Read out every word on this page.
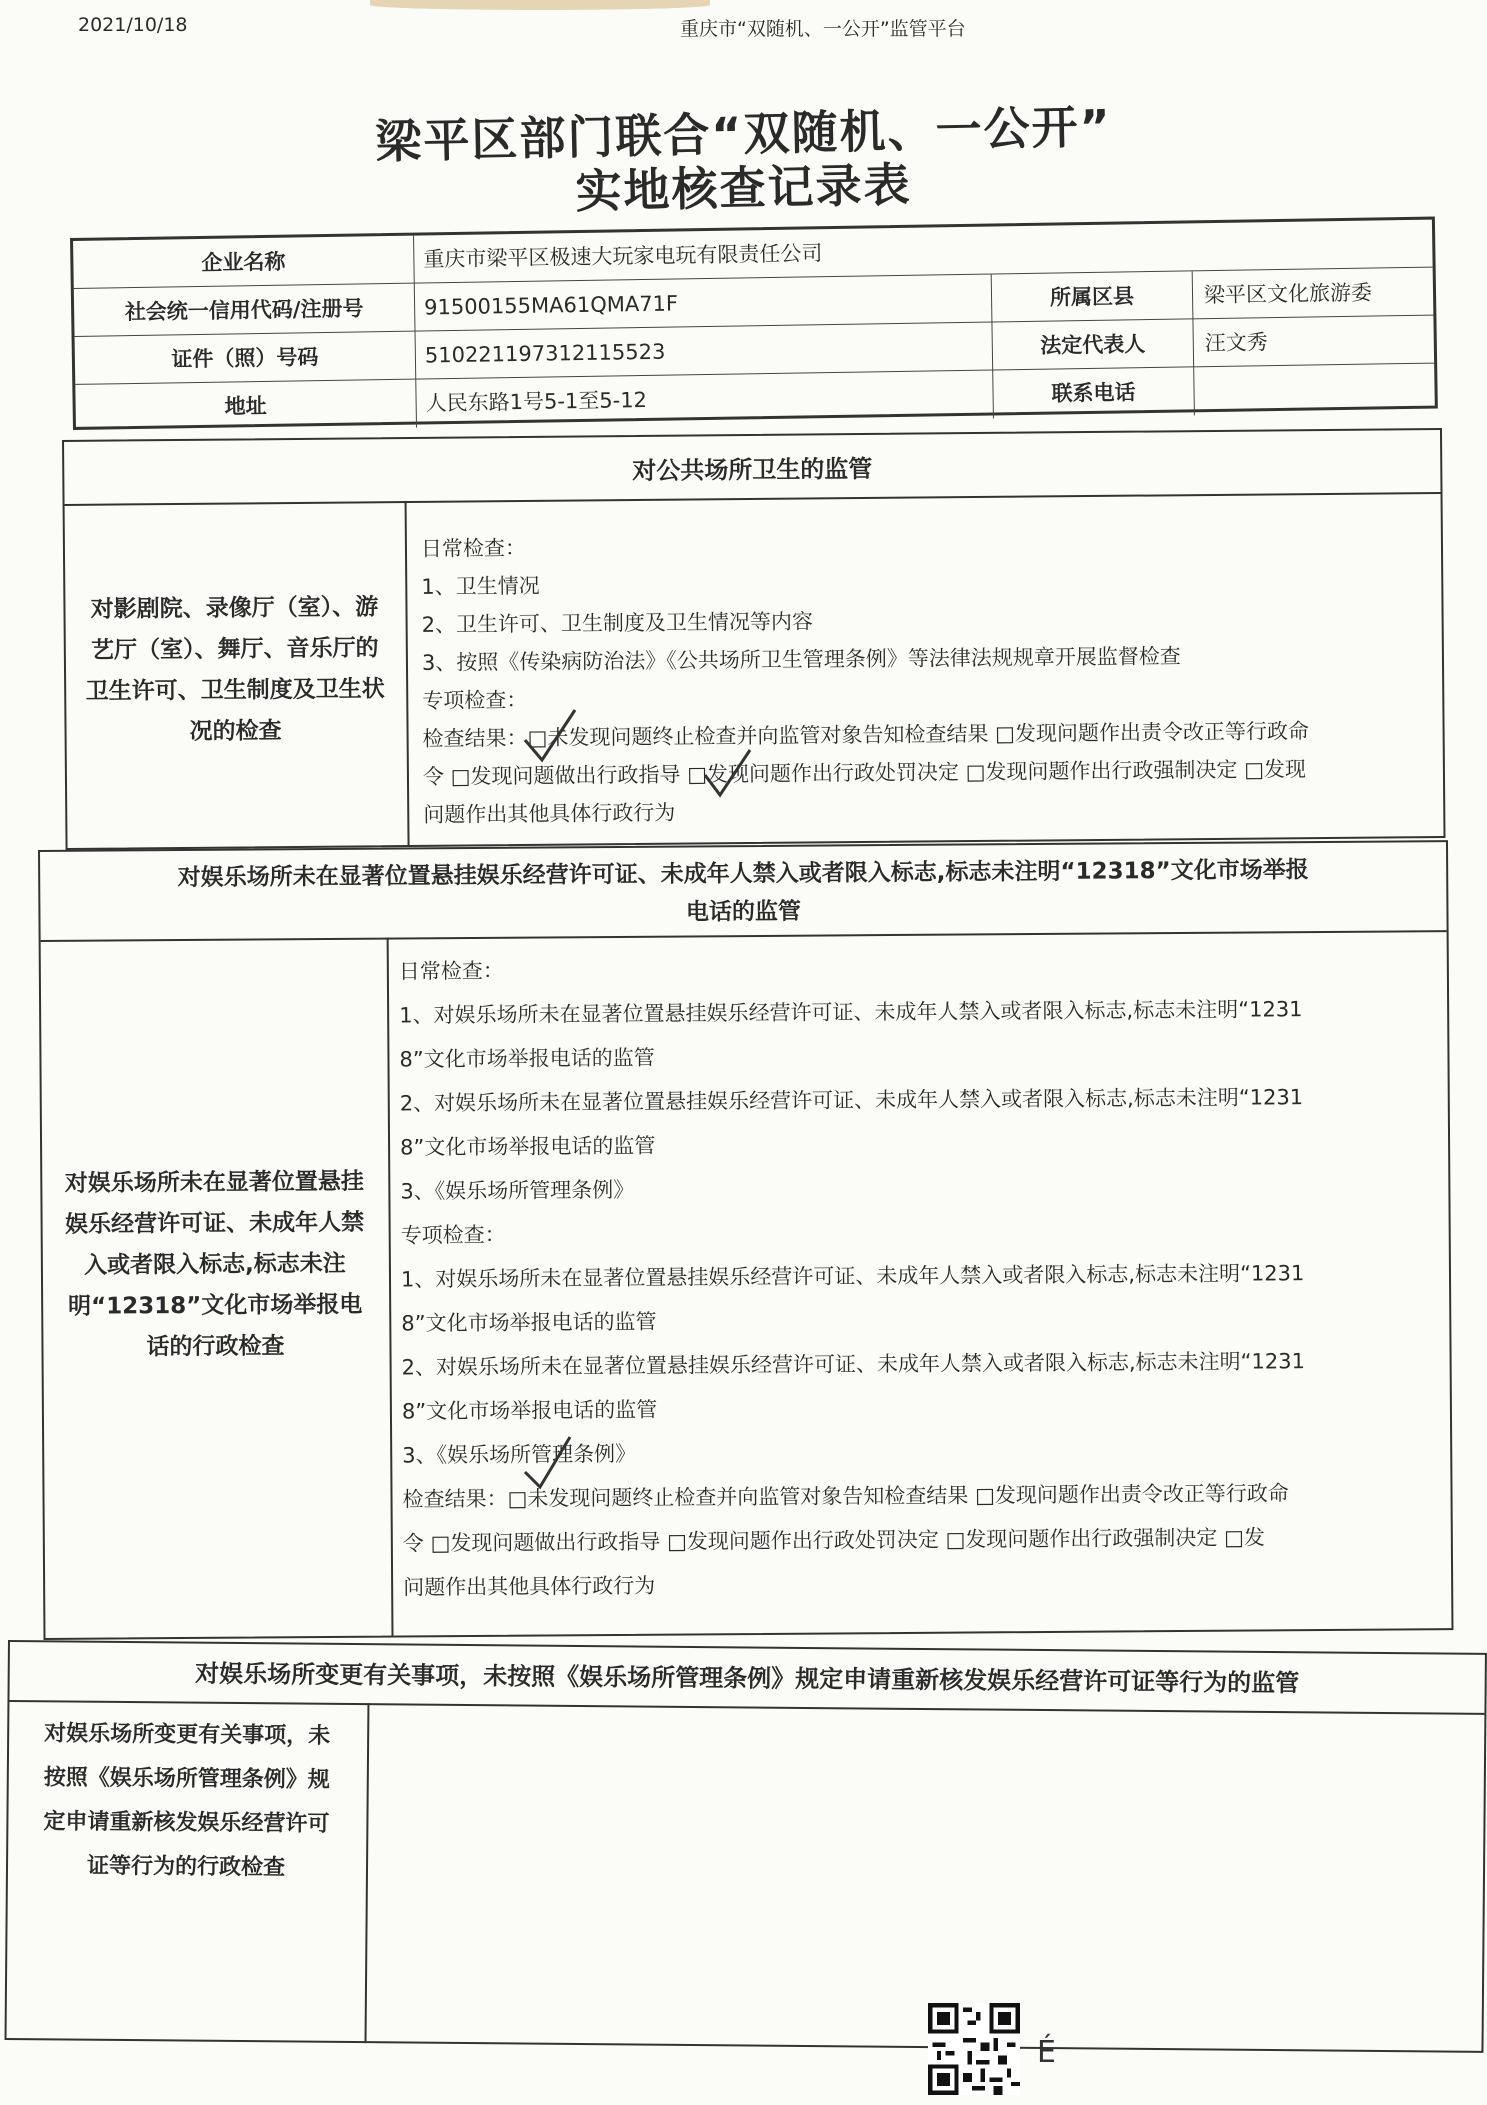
2021/10/18	重庆市“双随机、一公开”监管平台
梁平区部门联合“双随机、一公开”
实地核查记录表
企业名称	重庆市梁平区极速大玩家电玩有限责任公司
社会统一信用代码/注册号	91500155MA61QMA71F	所属区县	梁平区文化旅游委
证件（照）号码	510221197312115523	法定代表人	汪文秀
地址	人民东路1号5-1至5-12	联系电话
对公共场所卫生的监管
对影剧院、录像厅（室）、游
艺厅（室）、舞厅、音乐厅的
卫生许可、卫生制度及卫生状
况的检查
日常检查：
1、卫生情况
2、卫生许可、卫生制度及卫生情况等内容
3、按照《传染病防治法》《公共场所卫生管理条例》等法律法规规章开展监督检查
专项检查：
检查结果：□未发现问题终止检查并向监管对象告知检查结果 □发现问题作出责令改正等行政命
令 □发现问题做出行政指导 □发现问题作出行政处罚决定 □发现问题作出行政强制决定 □发现
问题作出其他具体行政行为
对娱乐场所未在显著位置悬挂娱乐经营许可证、未成年人禁入或者限入标志,标志未注明“12318”文化市场举报
电话的监管
对娱乐场所未在显著位置悬挂
娱乐经营许可证、未成年人禁
入或者限入标志,标志未注
明“12318”文化市场举报电
话的行政检查
日常检查：
1、对娱乐场所未在显著位置悬挂娱乐经营许可证、未成年人禁入或者限入标志,标志未注明“1231
8”文化市场举报电话的监管
2、对娱乐场所未在显著位置悬挂娱乐经营许可证、未成年人禁入或者限入标志,标志未注明“1231
8”文化市场举报电话的监管
3、《娱乐场所管理条例》
专项检查：
1、对娱乐场所未在显著位置悬挂娱乐经营许可证、未成年人禁入或者限入标志,标志未注明“1231
8”文化市场举报电话的监管
2、对娱乐场所未在显著位置悬挂娱乐经营许可证、未成年人禁入或者限入标志,标志未注明“1231
8”文化市场举报电话的监管
3、《娱乐场所管理条例》
检查结果：□未发现问题终止检查并向监管对象告知检查结果 □发现问题作出责令改正等行政命
令 □发现问题做出行政指导 □发现问题作出行政处罚决定 □发现问题作出行政强制决定 □发
问题作出其他具体行政行为
对娱乐场所变更有关事项，未按照《娱乐场所管理条例》规定申请重新核发娱乐经营许可证等行为的监管
对娱乐场所变更有关事项，未
按照《娱乐场所管理条例》规
定申请重新核发娱乐经营许可
证等行为的行政检查
É
